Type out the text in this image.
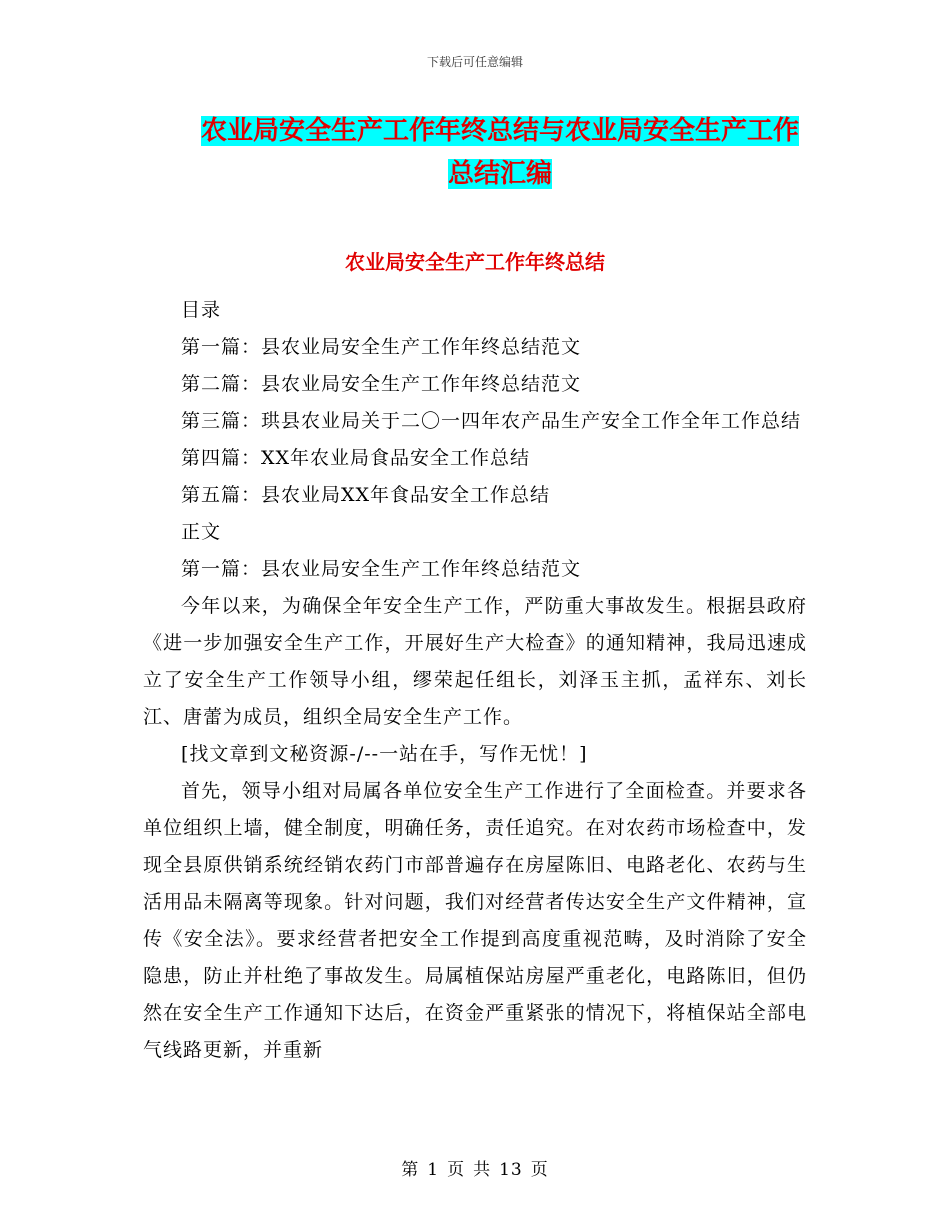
下载后可任意编辑
农业局安全生产工作年终总结与农业局安全生产工作
总结汇编
农业局安全生产工作年终总结

目录

第一篇：县农业局安全生产工作年终总结范文

第二篇：县农业局安全生产工作年终总结范文

第三篇：珙县农业局关于二〇一四年农产品生产安全工作全年工作总结

第四篇：XX年农业局食品安全工作总结

第五篇：县农业局XX年食品安全工作总结

正文

第一篇：县农业局安全生产工作年终总结范文

今年以来，为确保全年安全生产工作，严防重大事故发生。根据县政府《进一步加强安全生产工作，开展好生产大检查》的通知精神，我局迅速成立了安全生产工作领导小组，缪荣起任组长，刘泽玉主抓，孟祥东、刘长江、唐蕾为成员，组织全局安全生产工作。

[找文章到文秘资源-/--一站在手，写作无忧！]

首先，领导小组对局属各单位安全生产工作进行了全面检查。并要求各单位组织上墙，健全制度，明确任务，责任追究。在对农药市场检查中，发现全县原供销系统经销农药门市部普遍存在房屋陈旧、电路老化、农药与生活用品未隔离等现象。针对问题，我们对经营者传达安全生产文件精神，宣传《安全法》。要求经营者把安全工作提到高度重视范畴，及时消除了安全隐患，防止并杜绝了事故发生。局属植保站房屋严重老化，电路陈旧，但仍然在安全生产工作通知下达后，在资金严重紧张的情况下，将植保站全部电气线路更新，并重新

第 1 页 共 13 页
